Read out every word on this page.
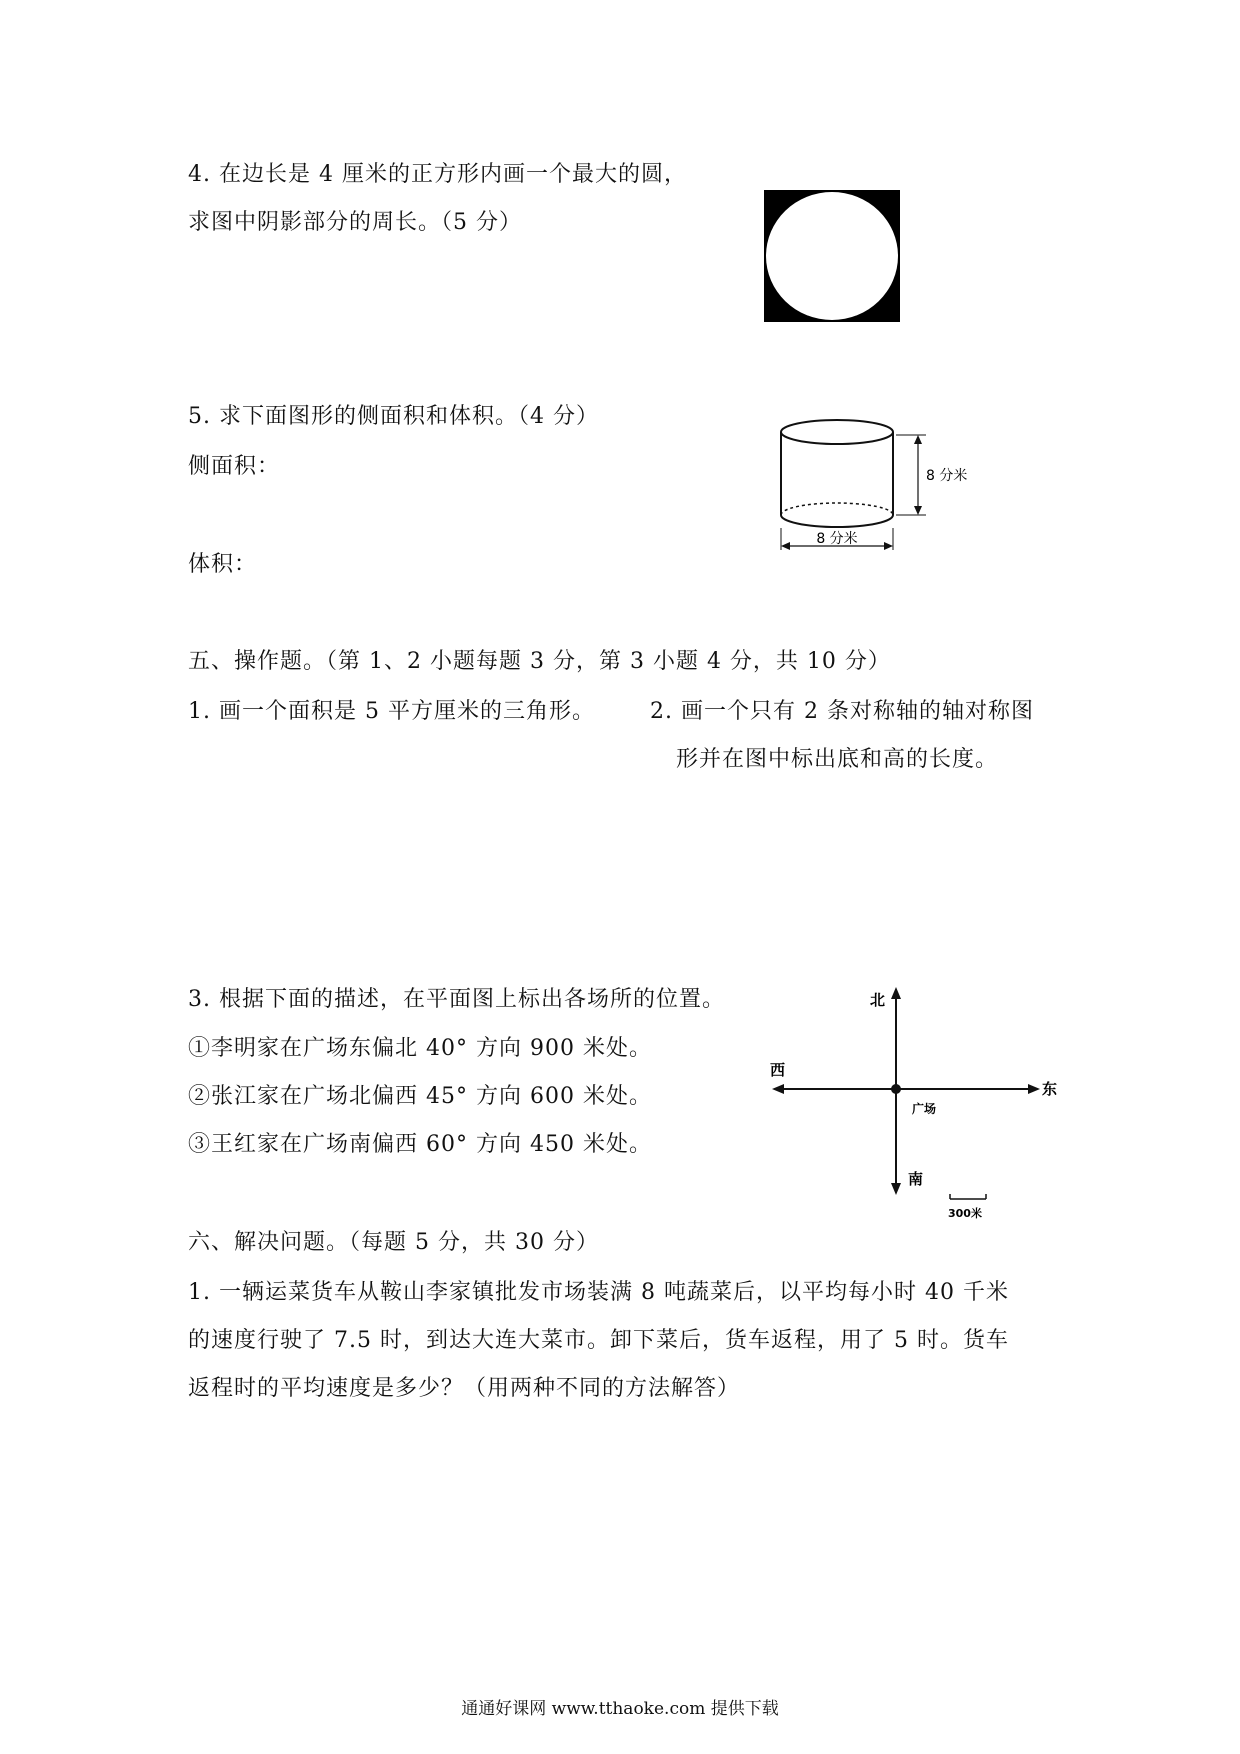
4. 在边长是 4 厘米的正方形内画一个最大的圆，
求图中阴影部分的周长。（5 分）
5. 求下面图形的侧面积和体积。（4 分）
侧面积：
体积：
8 分米
8 分米
五、操作题。（第 1、2 小题每题 3 分，第 3 小题 4 分，共 10 分）
1. 画一个面积是 5 平方厘米的三角形。	2. 画一个只有 2 条对称轴的轴对称图
形并在图中标出底和高的长度。
3. 根据下面的描述，在平面图上标出各场所的位置。
①李明家在广场东偏北 40° 方向 900 米处。
②张江家在广场北偏西 45° 方向 600 米处。
③王红家在广场南偏西 60° 方向 450 米处。
北
南
西
东
广场
300米
六、解决问题。（每题 5 分，共 30 分）
1. 一辆运菜货车从鞍山李家镇批发市场装满 8 吨蔬菜后，以平均每小时 40 千米
的速度行驶了 7.5 时，到达大连大菜市。卸下菜后，货车返程，用了 5 时。货车
返程时的平均速度是多少？（用两种不同的方法解答）
通通好课网 www.tthaoke.com 提供下载
